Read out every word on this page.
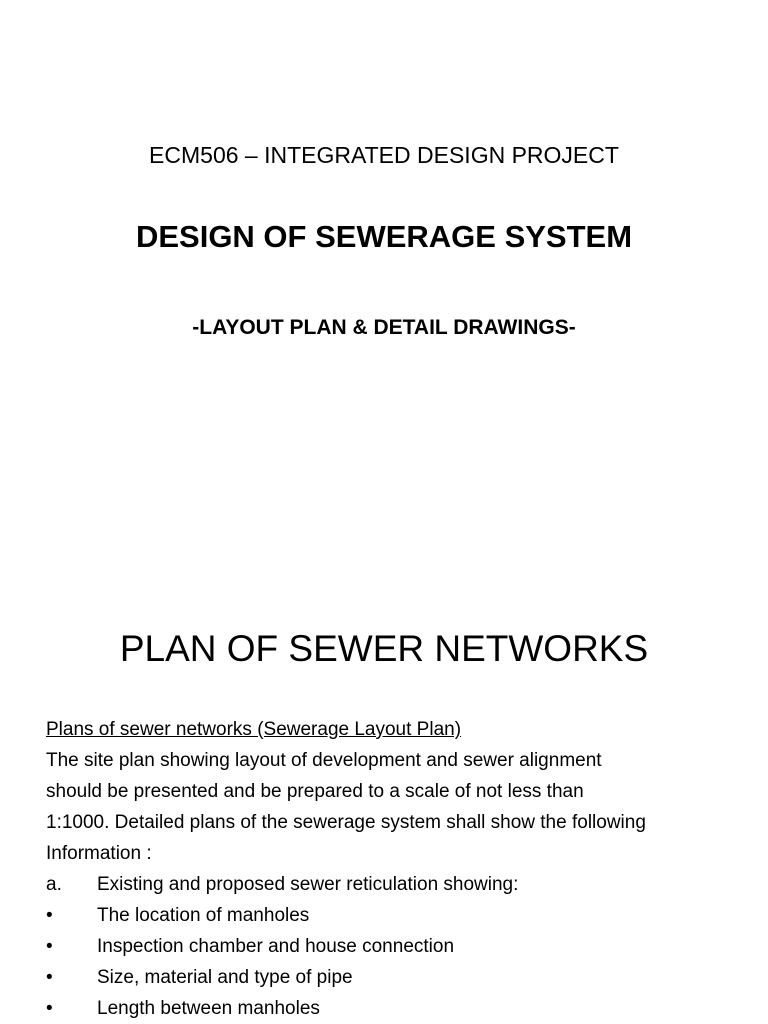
ECM506 – INTEGRATED DESIGN PROJECT
DESIGN OF SEWERAGE SYSTEM
-LAYOUT PLAN & DETAIL DRAWINGS-
PLAN OF SEWER NETWORKS
Plans of sewer networks (Sewerage Layout Plan)
The site plan showing layout of development and sewer alignment
should be presented and be prepared to a scale of not less than
1:1000. Detailed plans of the sewerage system shall show the following
Information :
a.	Existing and proposed sewer reticulation showing:
•	The location of manholes
•	Inspection chamber and house connection
•	Size, material and type of pipe
•	Length between manholes
